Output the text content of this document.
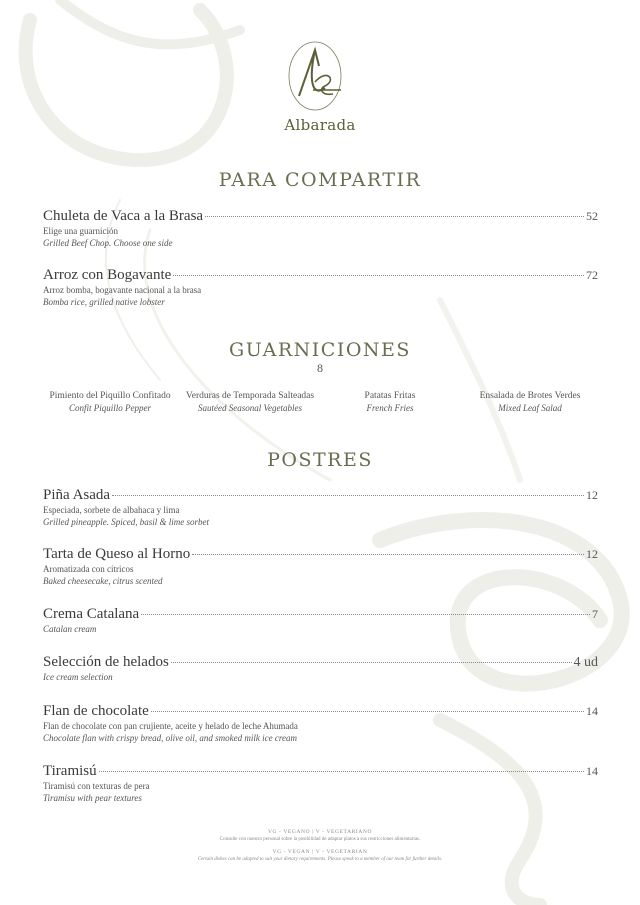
Albarada
PARA COMPARTIR
Chuleta de Vaca a la Brasa	52
Elige una guarnición
Grilled Beef Chop. Choose one side
Arroz con Bogavante	72
Arroz bomba, bogavante nacional a la brasa
Bomba rice, grilled native lobster
GUARNICIONES
8
Pimiento del Piquillo Confitado
Confit Piquillo Pepper
Verduras de Temporada Salteadas
Sautéed Seasonal Vegetables
Patatas Fritas
French Fries
Ensalada de Brotes Verdes
Mixed Leaf Salad
POSTRES
Piña Asada	12
Especiada, sorbete de albahaca y lima
Grilled pineapple. Spiced, basil & lime sorbet
Tarta de Queso al Horno	12
Aromatizada con cítricos
Baked cheesecake, citrus scented
Crema Catalana	7
Catalan cream
Selección de helados	4 ud
Ice cream selection
Flan de chocolate	14
Flan de chocolate con pan crujiente, aceite y helado de leche Ahumada
Chocolate flan with crispy bread, olive oil, and smoked milk ice cream
Tiramisú	14
Tiramisú con texturas de pera
Tiramisu with pear textures
VG - VEGANO | V - VEGETARIANO
Consulte con nuestro personal sobre la posibilidad de adaptar platos a sus restricciones alimentarias.
VG - VEGAN | V - VEGETARIAN
Certain dishes can be adapted to suit your dietary requirements. Please speak to a member of our team for further details.
